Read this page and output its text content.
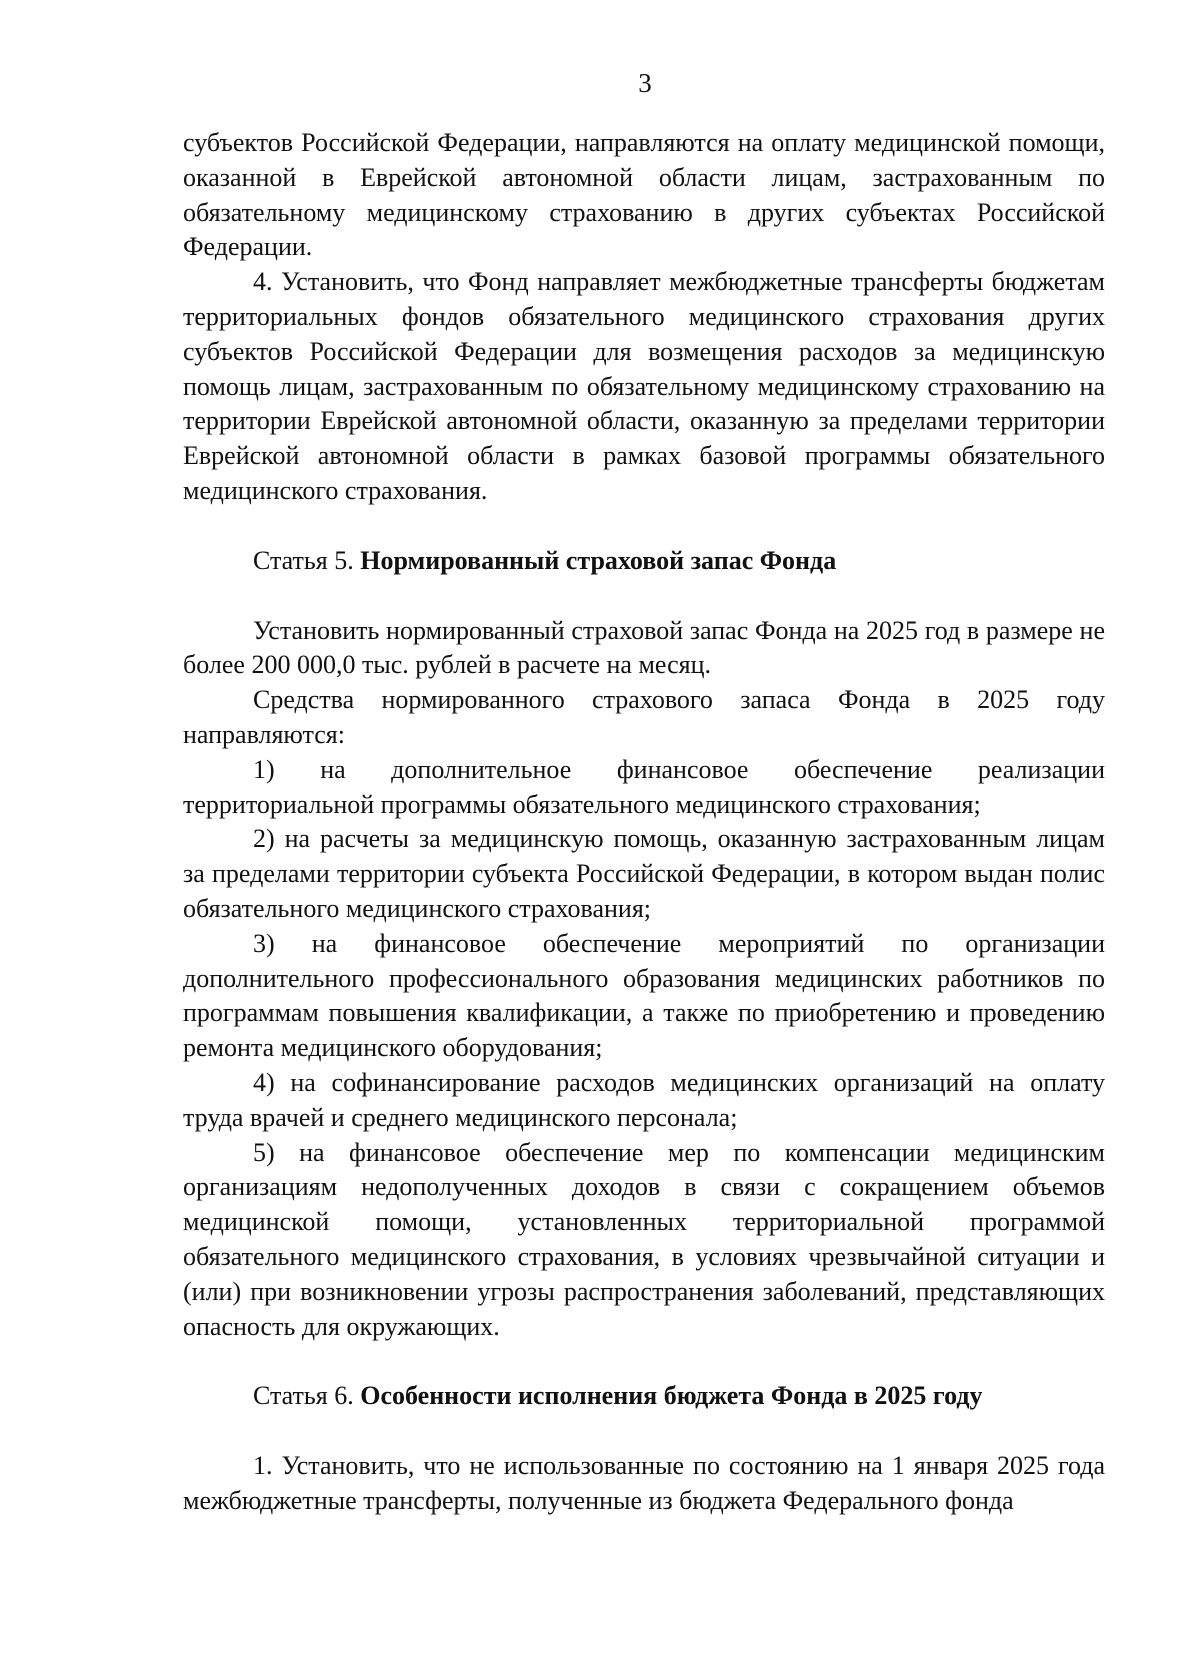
3

субъектов Российской Федерации, направляются на оплату медицинской помощи, оказанной в Еврейской автономной области лицам, застрахованным по обязательному медицинскому страхованию в других субъектах Российской Федерации.

4. Установить, что Фонд направляет межбюджетные трансферты бюджетам территориальных фондов обязательного медицинского страхования других субъектов Российской Федерации для возмещения расходов за медицинскую помощь лицам, застрахованным по обязательному медицинскому страхованию на территории Еврейской автономной области, оказанную за пределами территории Еврейской автономной области в рамках базовой программы обязательного медицинского страхования.

Статья 5. Нормированный страховой запас Фонда

Установить нормированный страховой запас Фонда на 2025 год в размере не более 200 000,0 тыс. рублей в расчете на месяц.

Средства нормированного страхового запаса Фонда в 2025 году направляются:

1) на дополнительное финансовое обеспечение реализации территориальной программы обязательного медицинского страхования;

2) на расчеты за медицинскую помощь, оказанную застрахованным лицам за пределами территории субъекта Российской Федерации, в котором выдан полис обязательного медицинского страхования;

3) на финансовое обеспечение мероприятий по организации дополнительного профессионального образования медицинских работников по программам повышения квалификации, а также по приобретению и проведению ремонта медицинского оборудования;

4) на софинансирование расходов медицинских организаций на оплату труда врачей и среднего медицинского персонала;

5) на финансовое обеспечение мер по компенсации медицинским организациям недополученных доходов в связи с сокращением объемов медицинской помощи, установленных территориальной программой обязательного медицинского страхования, в условиях чрезвычайной ситуации и (или) при возникновении угрозы распространения заболеваний, представляющих опасность для окружающих.

Статья 6. Особенности исполнения бюджета Фонда в 2025 году

1. Установить, что не использованные по состоянию на 1 января 2025 года межбюджетные трансферты, полученные из бюджета Федерального фонда
